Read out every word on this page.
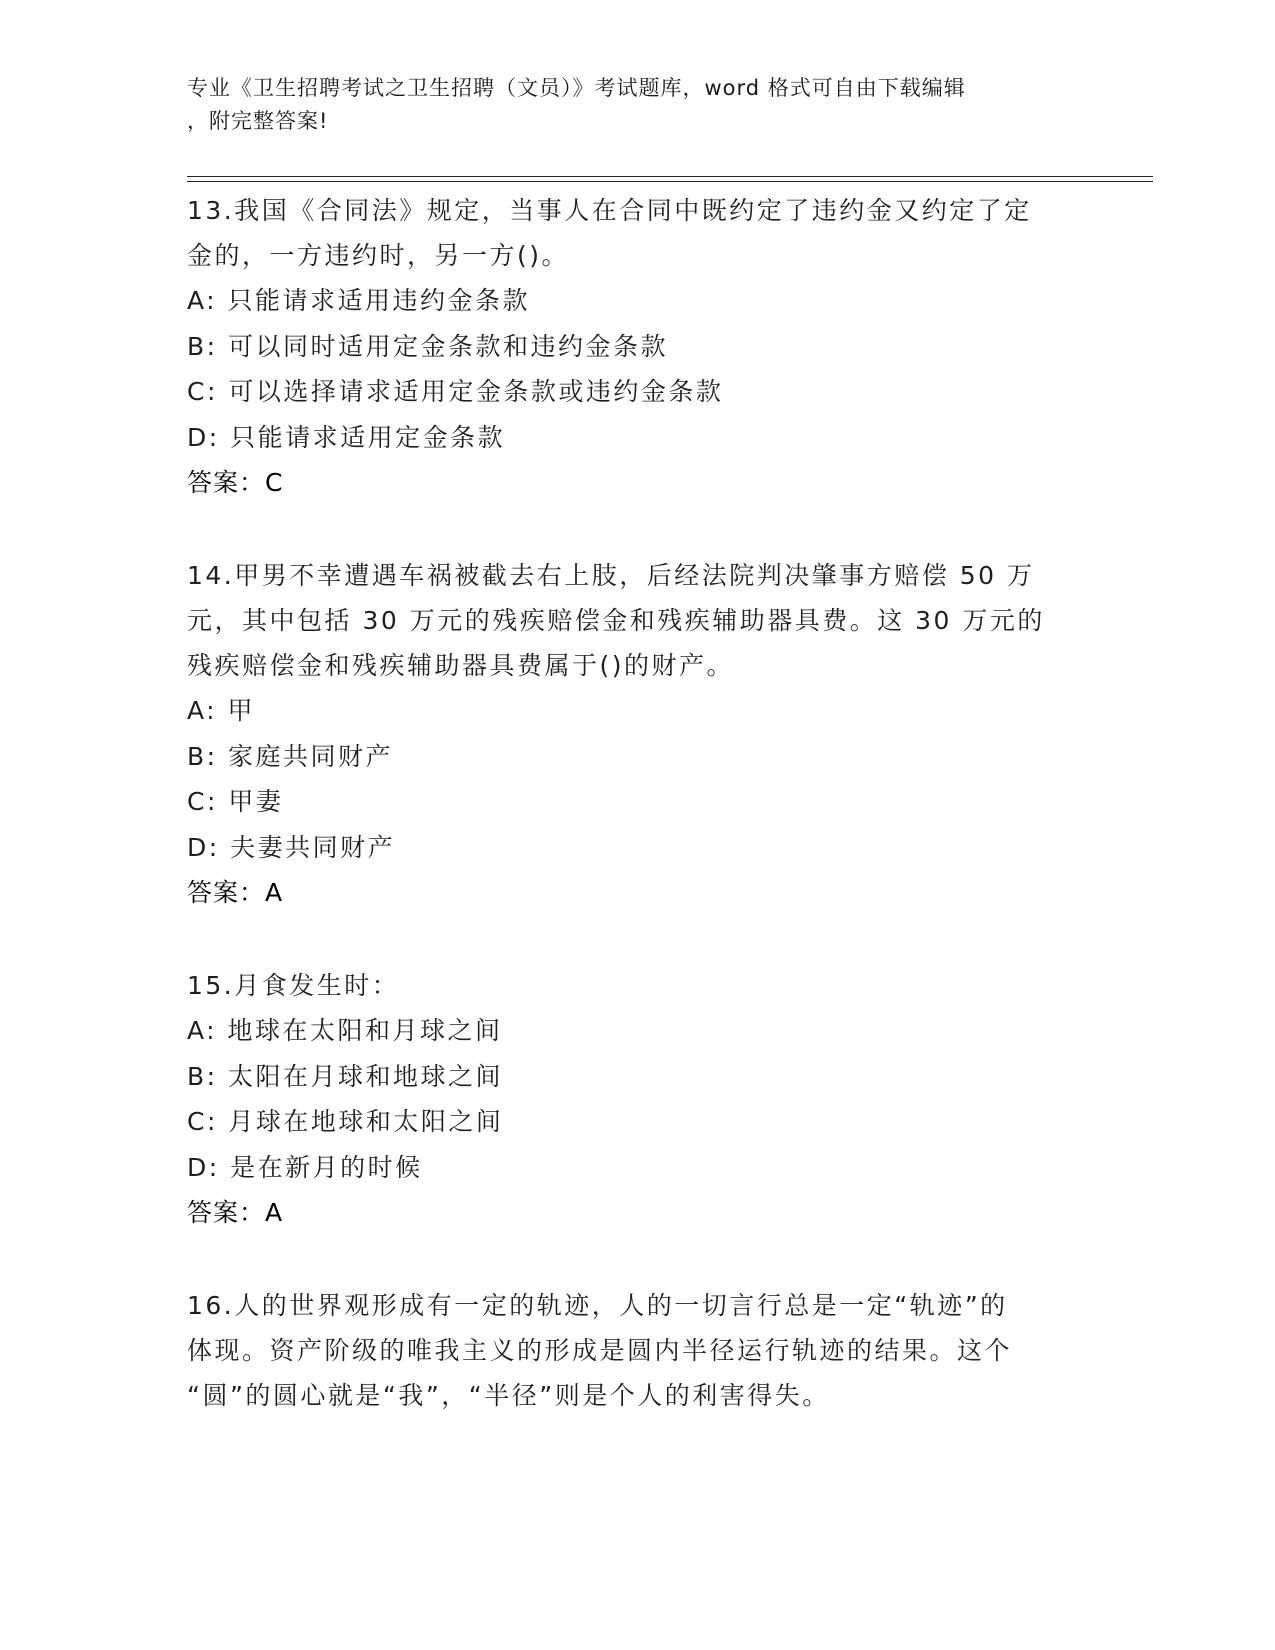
专业《卫生招聘考试之卫生招聘（文员）》考试题库，word 格式可自由下载编辑
，附完整答案!
13.我国《合同法》规定，当事人在合同中既约定了违约金又约定了定
金的，一方违约时，另一方()。
A: 只能请求适用违约金条款
B: 可以同时适用定金条款和违约金条款
C: 可以选择请求适用定金条款或违约金条款
D: 只能请求适用定金条款
答案：C
14.甲男不幸遭遇车祸被截去右上肢，后经法院判决肇事方赔偿 50 万
元，其中包括 30 万元的残疾赔偿金和残疾辅助器具费。这 30 万元的
残疾赔偿金和残疾辅助器具费属于()的财产。
A: 甲
B: 家庭共同财产
C: 甲妻
D: 夫妻共同财产
答案：A
15.月食发生时：
A: 地球在太阳和月球之间
B: 太阳在月球和地球之间
C: 月球在地球和太阳之间
D: 是在新月的时候
答案：A
16.人的世界观形成有一定的轨迹，人的一切言行总是一定“轨迹”的
体现。资产阶级的唯我主义的形成是圆内半径运行轨迹的结果。这个
“圆”的圆心就是“我”，“半径”则是个人的利害得失。
